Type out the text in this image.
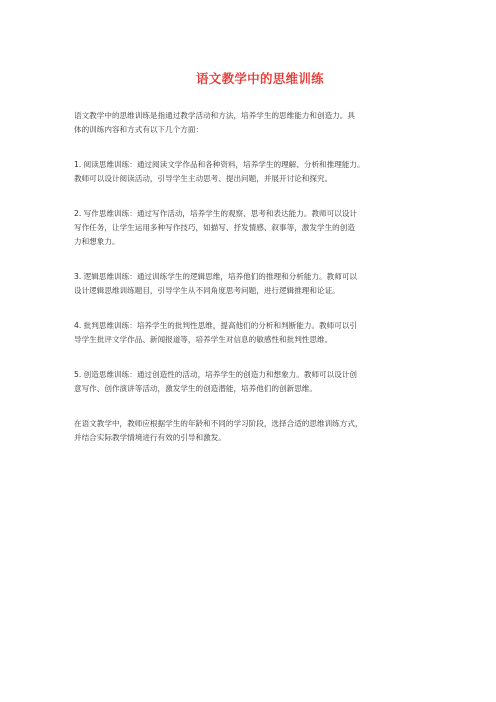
语文教学中的思维训练

语文教学中的思维训练是指通过教学活动和方法，培养学生的思维能力和创造力。具
体的训练内容和方式有以下几个方面：

1. 阅读思维训练：通过阅读文学作品和各种资料，培养学生的理解、分析和推理能力。
教师可以设计阅读活动，引导学生主动思考、提出问题，并展开讨论和探究。

2. 写作思维训练：通过写作活动，培养学生的观察、思考和表达能力。教师可以设计
写作任务，让学生运用多种写作技巧，如描写、抒发情感、叙事等，激发学生的创造
力和想象力。

3. 逻辑思维训练：通过训练学生的逻辑思维，培养他们的推理和分析能力。教师可以
设计逻辑思维训练题目，引导学生从不同角度思考问题，进行逻辑推理和论证。

4. 批判思维训练：培养学生的批判性思维，提高他们的分析和判断能力。教师可以引
导学生批评文学作品、新闻报道等，培养学生对信息的敏感性和批判性思维。

5. 创造思维训练：通过创造性的活动，培养学生的创造力和想象力。教师可以设计创
意写作、创作演讲等活动，激发学生的创造潜能，培养他们的创新思维。

在语文教学中，教师应根据学生的年龄和不同的学习阶段，选择合适的思维训练方式，
并结合实际教学情境进行有效的引导和激发。
